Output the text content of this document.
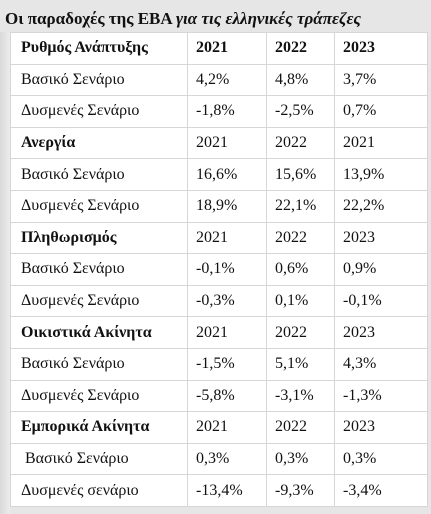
Οι παραδοχές της ΕΒΑ για τις ελληνικές τράπεζες
Ρυθμός Ανάπτυξης	2021	2022	2023
Βασικό Σενάριο	4,2%	4,8%	3,7%
Δυσμενές Σενάριο	-1,8%	-2,5%	0,7%
Ανεργία	2021	2022	2021
Βασικό Σενάριο	16,6%	15,6%	13,9%
Δυσμενές Σενάριο	18,9%	22,1%	22,2%
Πληθωρισμός	2021	2022	2023
Βασικό Σενάριο	-0,1%	0,6%	0,9%
Δυσμενές Σενάριο	-0,3%	0,1%	-0,1%
Οικιστικά Ακίνητα	2021	2022	2023
Βασικό Σενάριο	-1,5%	5,1%	4,3%
Δυσμενές Σενάριο	-5,8%	-3,1%	-1,3%
Εμπορικά Ακίνητα	2021	2022	2023
Βασικό Σενάριο	0,3%	0,3%	0,3%
Δυσμενές σενάριο	-13,4%	-9,3%	-3,4%
